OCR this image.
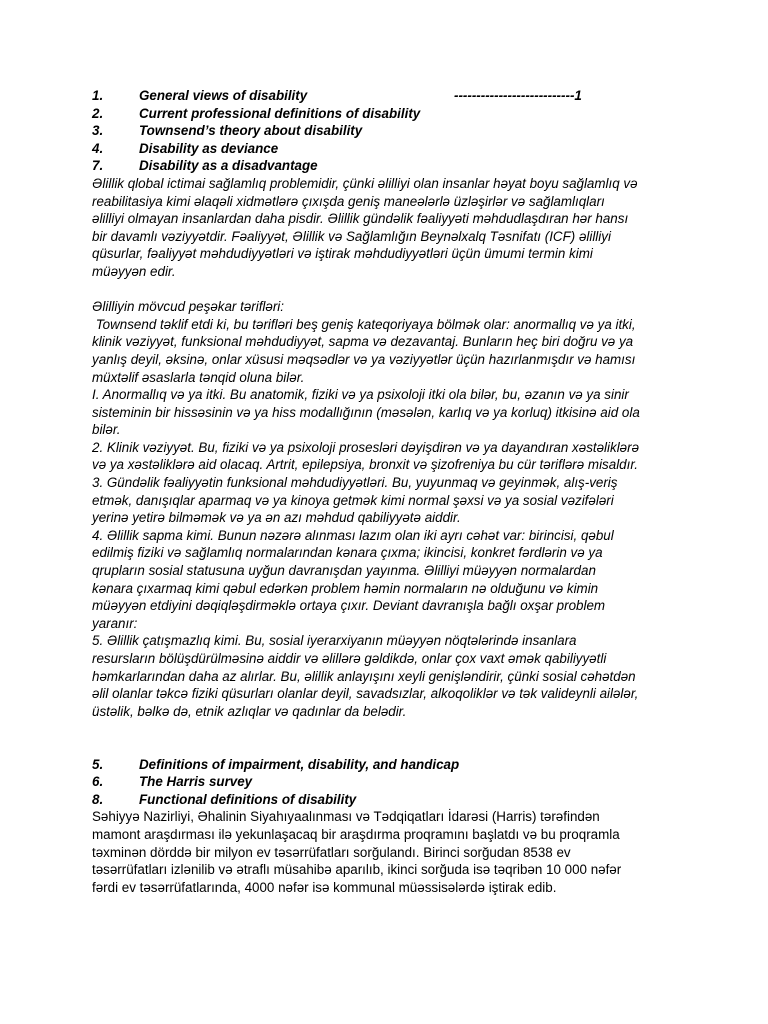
1.	General views of disability	---------------------------1
2.	Current professional definitions of disability
3.	Townsend’s theory about disability
4.	Disability as deviance
7.	Disability as a disadvantage
Əlillik qlobal ictimai sağlamlıq problemidir, çünki əlilliyi olan insanlar həyat boyu sağlamlıq və
reabilitasiya kimi əlaqəli xidmətlərə çıxışda geniş maneələrlə üzləşirlər və sağlamlıqları
əlilliyi olmayan insanlardan daha pisdir. Əlillik gündəlik fəaliyyəti məhdudlaşdıran hər hansı
bir davamlı vəziyyətdir. Fəaliyyət, Əlillik və Sağlamlığın Beynəlxalq Təsnifatı (ICF) əlilliyi
qüsurlar, fəaliyyət məhdudiyyətləri və iştirak məhdudiyyətləri üçün ümumi termin kimi
müəyyən edir.
Əlilliyin mövcud peşəkar tərifləri:
Townsend təklif etdi ki, bu tərifləri beş geniş kateqoriyaya bölmək olar: anormallıq və ya itki,
klinik vəziyyət, funksional məhdudiyyət, sapma və dezavantaj. Bunların heç biri doğru və ya
yanlış deyil, əksinə, onlar xüsusi məqsədlər və ya vəziyyətlər üçün hazırlanmışdır və hamısı
müxtəlif əsaslarla tənqid oluna bilər.
I. Anormallıq və ya itki. Bu anatomik, fiziki və ya psixoloji itki ola bilər, bu, əzanın və ya sinir
sisteminin bir hissəsinin və ya hiss modallığının (məsələn, karlıq və ya korluq) itkisinə aid ola
bilər.
2. Klinik vəziyyət. Bu, fiziki və ya psixoloji prosesləri dəyişdirən və ya dayandıran xəstəliklərə
və ya xəstəliklərə aid olacaq. Artrit, epilepsiya, bronxit və şizofreniya bu cür təriflərə misaldır.
3. Gündəlik fəaliyyətin funksional məhdudiyyətləri. Bu, yuyunmaq və geyinmək, alış-veriş
etmək, danışıqlar aparmaq və ya kinoya getmək kimi normal şəxsi və ya sosial vəzifələri
yerinə yetirə bilməmək və ya ən azı məhdud qabiliyyətə aiddir.
4. Əlillik sapma kimi. Bunun nəzərə alınması lazım olan iki ayrı cəhət var: birincisi, qəbul
edilmiş fiziki və sağlamlıq normalarından kənara çıxma; ikincisi, konkret fərdlərin və ya
qrupların sosial statusuna uyğun davranışdan yayınma. Əlilliyi müəyyən normalardan
kənara çıxarmaq kimi qəbul edərkən problem həmin normaların nə olduğunu və kimin
müəyyən etdiyini dəqiqləşdirməklə ortaya çıxır. Deviant davranışla bağlı oxşar problem
yaranır:
5. Əlillik çatışmazlıq kimi. Bu, sosial iyerarxiyanın müəyyən nöqtələrində insanlara
resursların bölüşdürülməsinə aiddir və əlillərə gəldikdə, onlar çox vaxt əmək qabiliyyətli
həmkarlarından daha az alırlar. Bu, əlillik anlayışını xeyli genişləndirir, çünki sosial cəhətdən
əlil olanlar təkcə fiziki qüsurları olanlar deyil, savadsızlar, alkoqoliklər və tək valideynli ailələr,
üstəlik, bəlkə də, etnik azlıqlar və qadınlar da belədir.
5.	Definitions of impairment, disability, and handicap
6.	The Harris survey
8.	Functional definitions of disability
Səhiyyə Nazirliyi, Əhalinin Siyahıyaalınması və Tədqiqatları İdarəsi (Harris) tərəfindən
mamont araşdırması ilə yekunlaşacaq bir araşdırma proqramını başlatdı və bu proqramla
təxminən dörddə bir milyon ev təsərrüfatları sorğulandı. Birinci sorğudan 8538 ev
təsərrüfatları izlənilib və ətraflı müsahibə aparılıb, ikinci sorğuda isə təqribən 10 000 nəfər
fərdi ev təsərrüfatlarında, 4000 nəfər isə kommunal müəssisələrdə iştirak edib.
